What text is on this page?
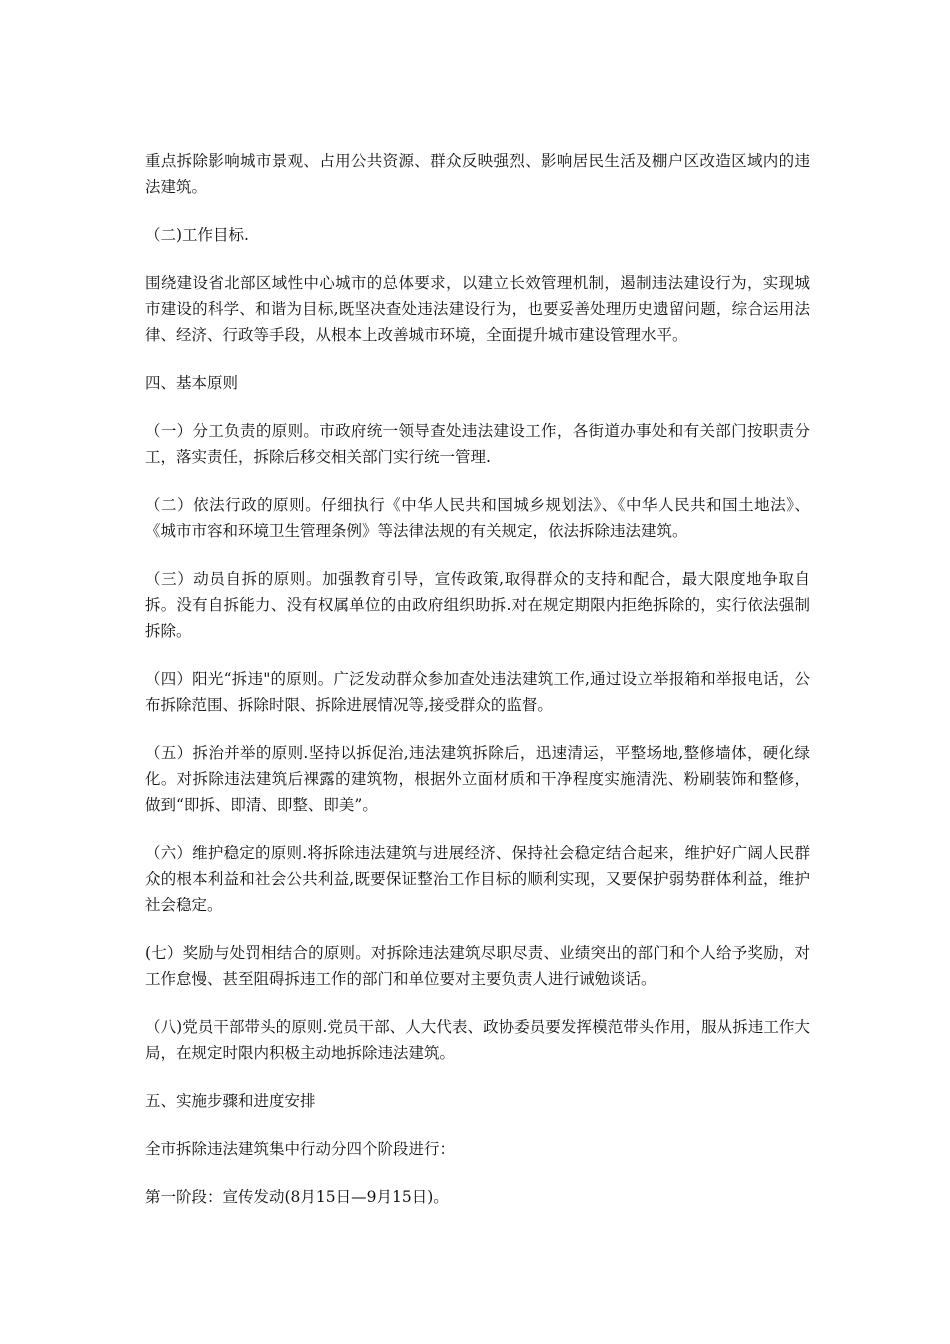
重点拆除影响城市景观、占用公共资源、群众反映强烈、影响居民生活及棚户区改造区域内的违法建筑。

（二)工作目标.

围绕建设省北部区域性中心城市的总体要求，以建立长效管理机制，遏制违法建设行为，实现城市建设的科学、和谐为目标,既坚决查处违法建设行为，也要妥善处理历史遗留问题，综合运用法律、经济、行政等手段，从根本上改善城市环境，全面提升城市建设管理水平。

四、基本原则

（一）分工负责的原则。市政府统一领导查处违法建设工作，各街道办事处和有关部门按职责分工，落实责任，拆除后移交相关部门实行统一管理.

（二）依法行政的原则。仔细执行《中华人民共和国城乡规划法》、《中华人民共和国土地法》、《城市市容和环境卫生管理条例》等法律法规的有关规定，依法拆除违法建筑。

（三）动员自拆的原则。加强教育引导，宣传政策,取得群众的支持和配合，最大限度地争取自拆。没有自拆能力、没有权属单位的由政府组织助拆.对在规定期限内拒绝拆除的，实行依法强制拆除。

（四）阳光“拆违"的原则。广泛发动群众参加查处违法建筑工作,通过设立举报箱和举报电话，公布拆除范围、拆除时限、拆除进展情况等,接受群众的监督。

（五）拆治并举的原则.坚持以拆促治,违法建筑拆除后，迅速清运，平整场地,整修墙体，硬化绿化。对拆除违法建筑后裸露的建筑物，根据外立面材质和干净程度实施清洗、粉刷装饰和整修，做到“即拆、即清、即整、即美”。

（六）维护稳定的原则.将拆除违法建筑与进展经济、保持社会稳定结合起来，维护好广阔人民群众的根本利益和社会公共利益,既要保证整治工作目标的顺利实现，又要保护弱势群体利益，维护社会稳定。

(七）奖励与处罚相结合的原则。对拆除违法建筑尽职尽责、业绩突出的部门和个人给予奖励，对工作怠慢、甚至阻碍拆违工作的部门和单位要对主要负责人进行诫勉谈话。

（八)党员干部带头的原则.党员干部、人大代表、政协委员要发挥模范带头作用，服从拆违工作大局，在规定时限内积极主动地拆除违法建筑。

五、实施步骤和进度安排

全市拆除违法建筑集中行动分四个阶段进行：

第一阶段：宣传发动(8月15日—9月15日)。
